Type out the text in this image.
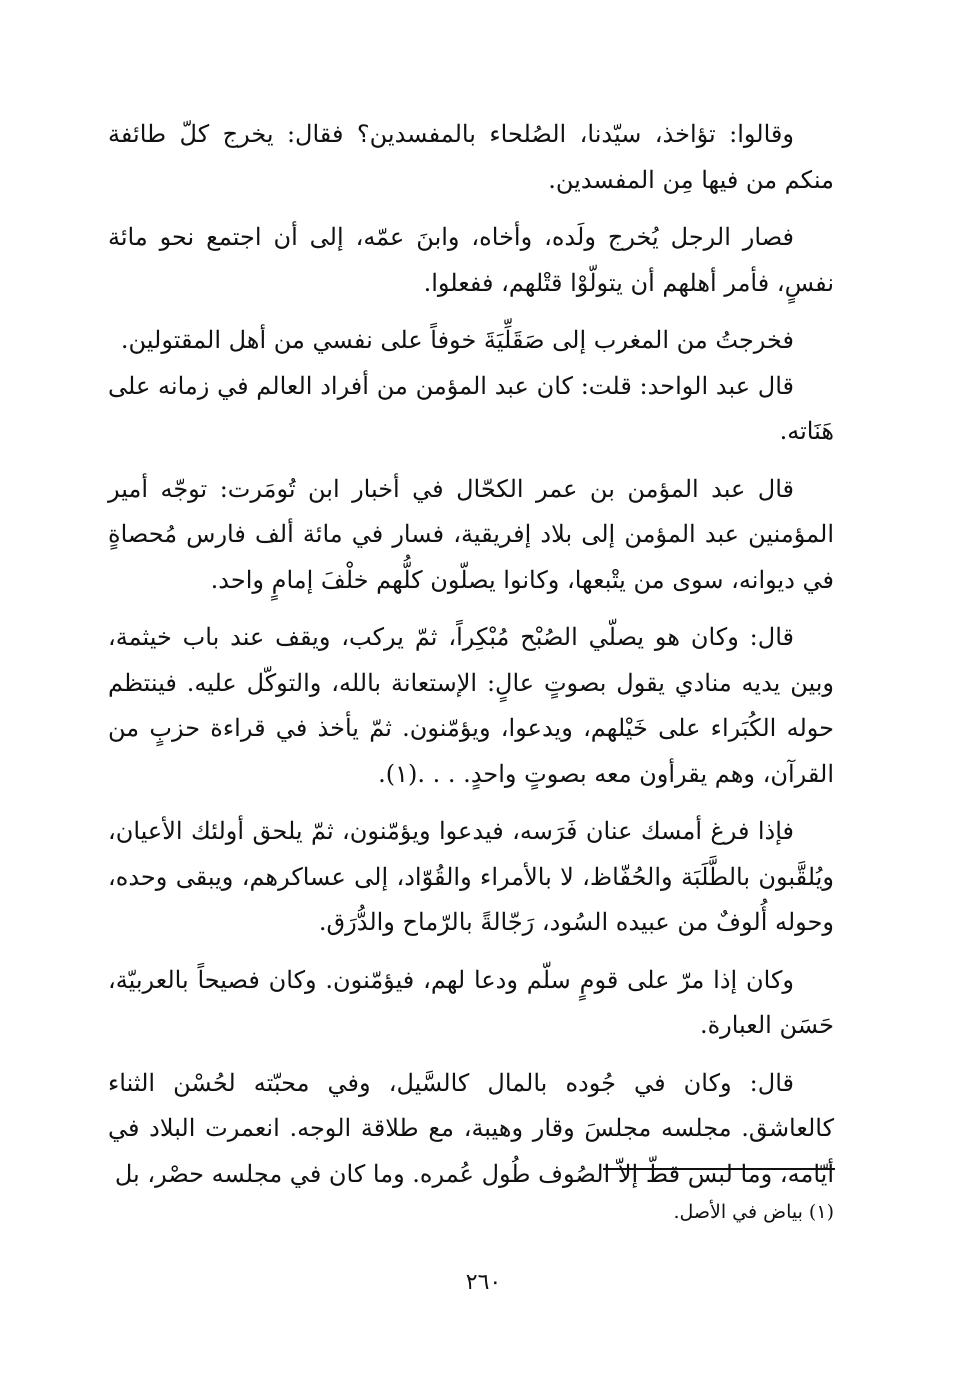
وقالوا: تؤاخذ، سيّدنا، الصُلحاء بالمفسدين؟ فقال: يخرج كلّ طائفة منكم من فيها مِن المفسدين.

فصار الرجل يُخرج ولَده، وأخاه، وابنَ عمّه، إلى أن اجتمع نحو مائة نفسٍ، فأمر أهلهم أن يتولّوْا قتْلهم، ففعلوا.

فخرجتُ من المغرب إلى صَقَلِّيَةَ خوفاً على نفسي من أهل المقتولين.

قال عبد الواحد: قلت: كان عبد المؤمن من أفراد العالم في زمانه على هَنَاته.

قال عبد المؤمن بن عمر الكحّال في أخبار ابن تُومَرت: توجّه أمير المؤمنين عبد المؤمن إلى بلاد إفريقية، فسار في مائة ألف فارس مُحصاةٍ في ديوانه، سوى من يتْبعها، وكانوا يصلّون كلُّهم خلْفَ إمامٍ واحد.

قال: وكان هو يصلّي الصُبْح مُبْكِراً، ثمّ يركب، ويقف عند باب خيثمة، وبين يديه منادي يقول بصوتٍ عالٍ: الإستعانة بالله، والتوكّل عليه. فينتظم حوله الكُبَراء على خَيْلهم، ويدعوا، ويؤمّنون. ثمّ يأخذ في قراءة حزبٍ من القرآن، وهم يقرأون معه بصوتٍ واحدٍ. . . .(١).

فإذا فرغ أمسك عنان فَرَسه، فيدعوا ويؤمّنون، ثمّ يلحق أولئك الأعيان، ويُلقَّبون بالطَّلَبَة والحُفّاظ، لا بالأمراء والقُوّاد، إلى عساكرهم، ويبقى وحده، وحوله أُلوفٌ من عبيده السُود، رَجّالةً بالرّماح والدُّرَق.

وكان إذا مرّ على قومٍ سلّم ودعا لهم، فيؤمّنون. وكان فصيحاً بالعربيّة، حَسَن العبارة.

قال: وكان في جُوده بالمال كالسَّيل، وفي محبّته لحُسْن الثناء كالعاشق. مجلسه مجلسَ وقار وهيبة، مع طلاقة الوجه. انعمرت البلاد في أيّامه، وما لبس قطّ إلاّ الصُوف طُول عُمره. وما كان في مجلسه حصْر، بل

(١) بياض في الأصل.
٢٦٠
